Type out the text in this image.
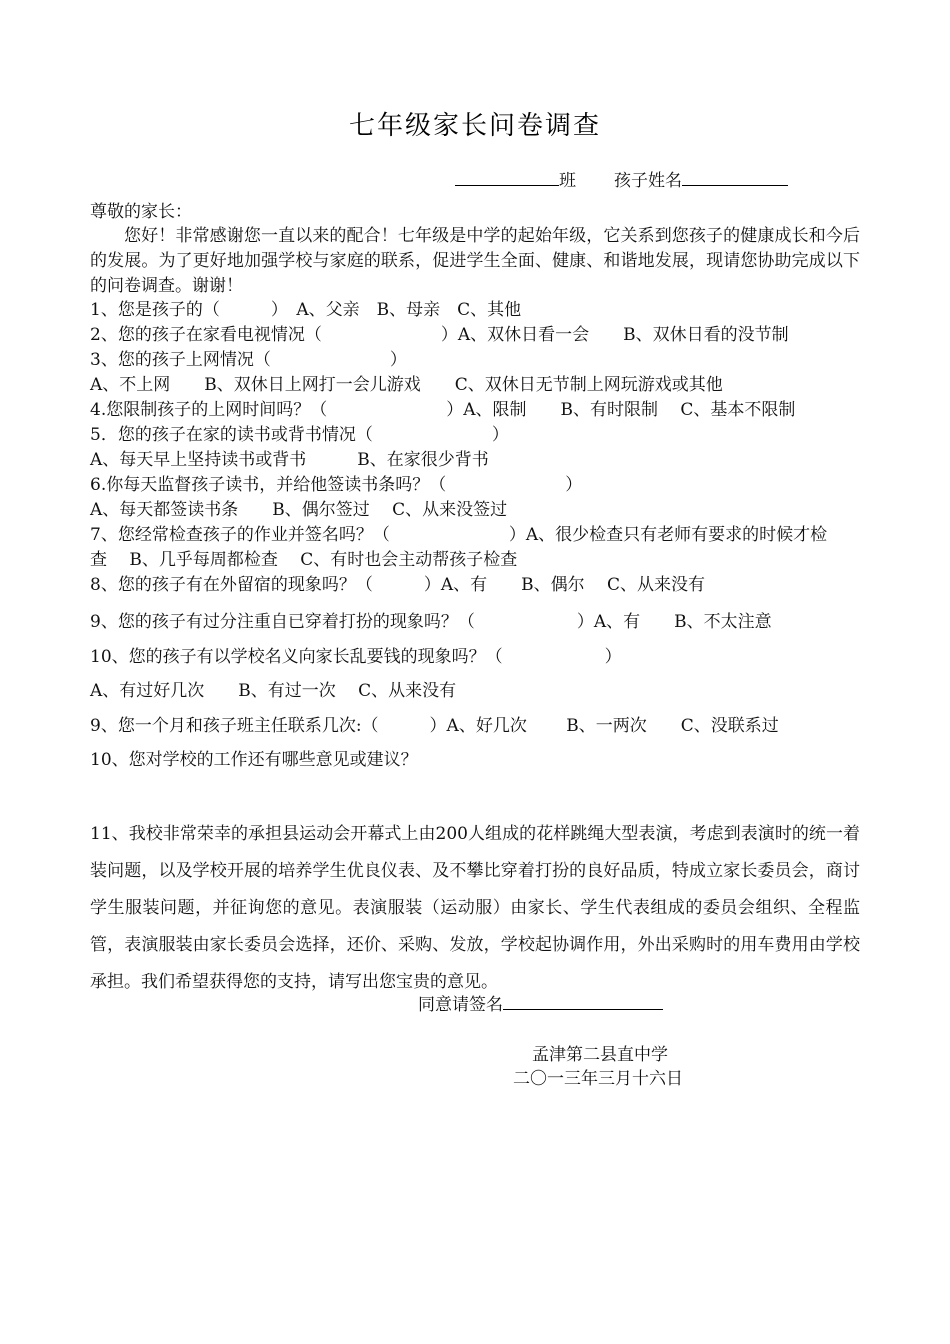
七年级家长问卷调查
班 孩子姓名
尊敬的家长：
您好！非常感谢您一直以来的配合！七年级是中学的起始年级，它关系到您孩子的健康成长和今后的发展。为了更好地加强学校与家庭的联系，促进学生全面、健康、和谐地发展，现请您协助完成以下的问卷调查。谢谢！
1、您是孩子的（　　　）　A、父亲　B、母亲　C、其他
2、您的孩子在家看电视情况（　　　　　　　）A、双休日看一会　　B、双休日看的没节制
3、您的孩子上网情况（　　　　　　　）
A、不上网　　B、双休日上网打一会儿游戏　　C、双休日无节制上网玩游戏或其他
4.您限制孩子的上网时间吗？（　　　　　　　）A、限制　　B、有时限制　 C、基本不限制
5．您的孩子在家的读书或背书情况（　　　　　　　）
A、每天早上坚持读书或背书　　　B、在家很少背书
6.你每天监督孩子读书，并给他签读书条吗？（　　　　　　　）
A、每天都签读书条　　B、偶尔签过　 C、从来没签过
7、您经常检查孩子的作业并签名吗？（　　　　　　　）A、很少检查只有老师有要求的时候才检
查　 B、几乎每周都检查　 C、有时也会主动帮孩子检查
8、您的孩子有在外留宿的现象吗？（　　　）A、有　　B、偶尔　 C、从来没有
9、您的孩子有过分注重自已穿着打扮的现象吗？（　　　　　　）A、有　　B、不太注意
10、您的孩子有以学校名义向家长乱要钱的现象吗？（　　　　　　）
A、有过好几次　　B、有过一次　 C、从来没有
9、您一个月和孩子班主任联系几次:（　　　）A、好几次　　 B、一两次　　C、没联系过
10、您对学校的工作还有哪些意见或建议？
11、我校非常荣幸的承担县运动会开幕式上由200人组成的花样跳绳大型表演，考虑到表演时的统一着装问题，以及学校开展的培养学生优良仪表、及不攀比穿着打扮的良好品质，特成立家长委员会，商讨学生服装问题，并征询您的意见。表演服装（运动服）由家长、学生代表组成的委员会组织、全程监管，表演服装由家长委员会选择，还价、采购、发放，学校起协调作用，外出采购时的用车费用由学校承担。我们希望获得您的支持，请写出您宝贵的意见。
同意请签名
孟津第二县直中学
二〇一三年三月十六日
